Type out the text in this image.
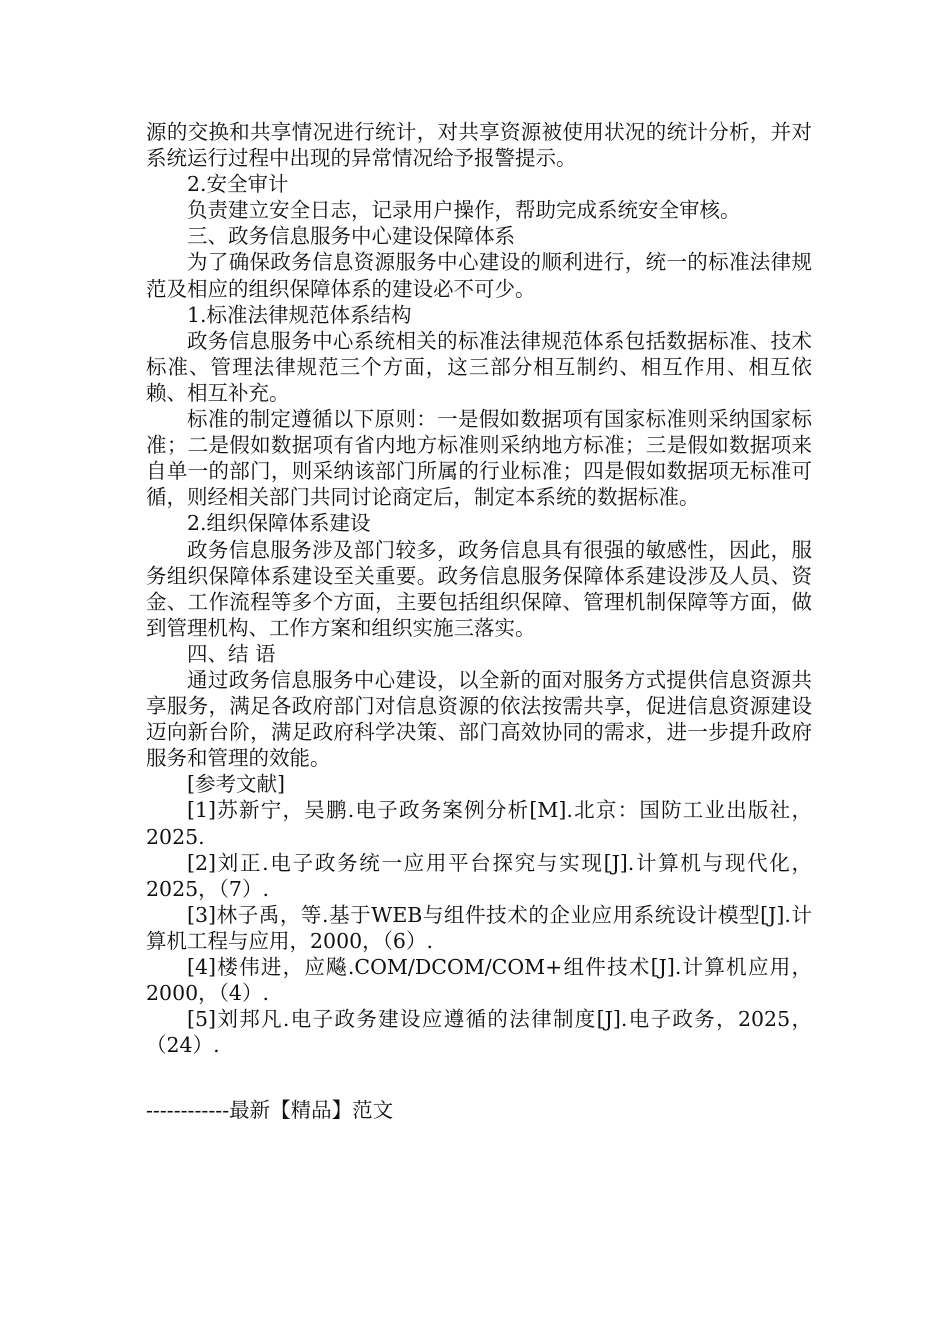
源的交换和共享情况进行统计，对共享资源被使用状况的统计分析，并对系统运行过程中出现的异常情况给予报警提示。

2.安全审计

负责建立安全日志，记录用户操作，帮助完成系统安全审核。

三、政务信息服务中心建设保障体系

为了确保政务信息资源服务中心建设的顺利进行，统一的标准法律规范及相应的组织保障体系的建设必不可少。

1.标准法律规范体系结构

政务信息服务中心系统相关的标准法律规范体系包括数据标准、技术标准、管理法律规范三个方面，这三部分相互制约、相互作用、相互依赖、相互补充。

标准的制定遵循以下原则：一是假如数据项有国家标准则采纳国家标准；二是假如数据项有省内地方标准则采纳地方标准；三是假如数据项来自单一的部门，则采纳该部门所属的行业标准；四是假如数据项无标准可循，则经相关部门共同讨论商定后，制定本系统的数据标准。

2.组织保障体系建设

政务信息服务涉及部门较多，政务信息具有很强的敏感性，因此，服务组织保障体系建设至关重要。政务信息服务保障体系建设涉及人员、资金、工作流程等多个方面，主要包括组织保障、管理机制保障等方面，做到管理机构、工作方案和组织实施三落实。

四、结 语

通过政务信息服务中心建设，以全新的面对服务方式提供信息资源共享服务，满足各政府部门对信息资源的依法按需共享，促进信息资源建设迈向新台阶，满足政府科学决策、部门高效协同的需求，进一步提升政府服务和管理的效能。

[参考文献]

[1]苏新宁，吴鹏.电子政务案例分析[M].北京：国防工业出版社，2025.

[2]刘正.电子政务统一应用平台探究与实现[J].计算机与现代化，2025，（7）.

[3]林子禹，等.基于WEB与组件技术的企业应用系统设计模型[J].计算机工程与应用，2000，（6）.

[4]楼伟进，应飚.COM/DCOM/COM+组件技术[J].计算机应用，2000，（4）.

[5]刘邦凡.电子政务建设应遵循的法律制度[J].电子政务，2025，（24）.

------------最新【精品】范文
